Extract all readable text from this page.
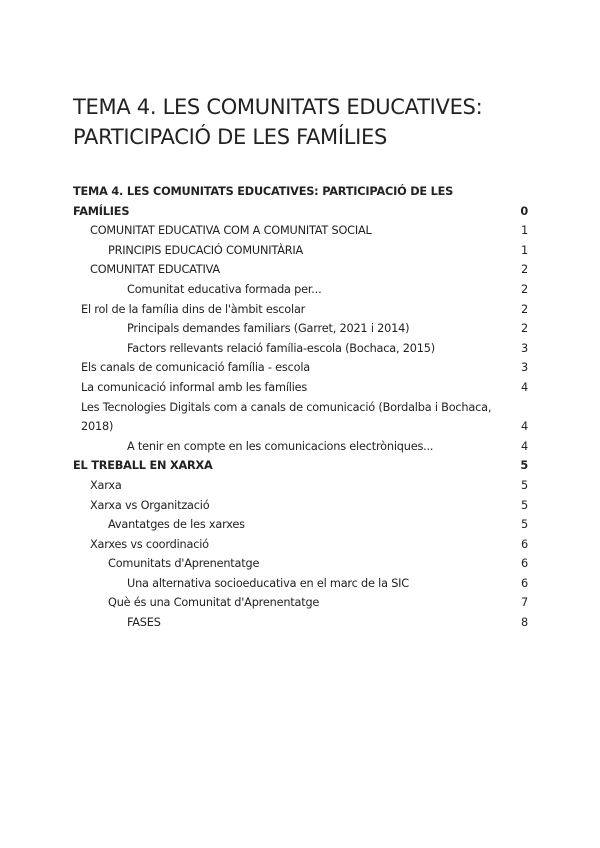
TEMA 4. LES COMUNITATS EDUCATIVES: PARTICIPACIÓ DE LES FAMÍLIES
TEMA 4. LES COMUNITATS EDUCATIVES: PARTICIPACIÓ DE LES FAMÍLIES	0
COMUNITAT EDUCATIVA COM A COMUNITAT SOCIAL	1
PRINCIPIS EDUCACIÓ COMUNITÀRIA	1
COMUNITAT EDUCATIVA	2
Comunitat educativa formada per...	2
El rol de la família dins de l'àmbit escolar	2
Principals demandes familiars (Garret, 2021 i 2014)	2
Factors rellevants relació família-escola (Bochaca, 2015)	3
Els canals de comunicació família - escola	3
La comunicació informal amb les famílies	4
Les Tecnologies Digitals com a canals de comunicació (Bordalba i Bochaca, 2018)	4
A tenir en compte en les comunicacions electròniques...	4
EL TREBALL EN XARXA	5
Xarxa	5
Xarxa vs Organització	5
Avantatges de les xarxes	5
Xarxes vs coordinació	6
Comunitats d'Aprenentatge	6
Una alternativa socioeducativa en el marc de la SIC	6
Què és una Comunitat d'Aprenentatge	7
FASES	8
